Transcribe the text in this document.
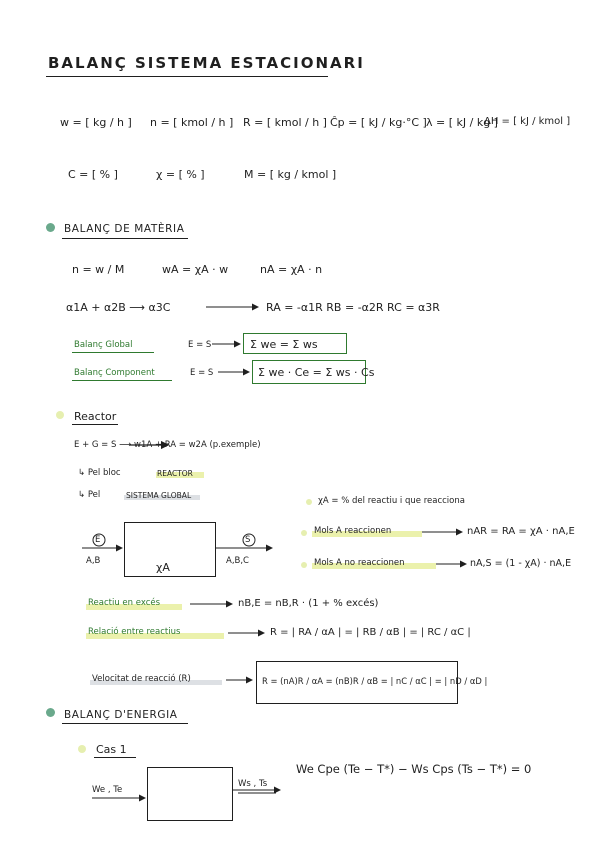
BALANÇ SISTEMA ESTACIONARI
w = [ kg / h ] n = [ kmol / h ] R = [ kmol / h ] Ĉp = [ kJ / kg·°C ] λ = [ kJ / kg ]
ΔH = [ kJ / kmol ]
C = [ % ]	χ = [ % ]	M = [ kg / kmol ]
BALANÇ DE MATÈRIA
n = w / M	wA = χA · w	nA = χA · n
α1A + α2B ⟶ α3C	RA = -α1R RB = -α2R RC = α3R
Balanç Global	E = S	Σ we = Σ ws
Balanç Component	E = S	Σ we · Ce = Σ ws · Cs
Reactor
E + G = S ⟶ w1A + RA = w2A (p.exemple)
↳ Pel bloc	REACTOR
↳ Pel	SISTEMA GLOBAL
χA = % del reactiu i que reacciona
Mols A reaccionen	nAR = RA = χA · nA,E
Mols A no reaccionen	nA,S = (1 - χA) · nA,E
χA
E	S
A,B	A,B,C
Reactiu en excés	nB,E = nB,R · (1 + % excés)
Relació entre reactius	R = | RA / αA | = | RB / αB | = | RC / αC |
Velocitat de reacció (R)	R = (nA)R / αA = (nB)R / αB = | nC / αC | = | nD / αD |
BALANÇ D'ENERGIA
Cas 1
We , Te
Ws , Ts
We Cpe (Te − T*) − Ws Cps (Ts − T*) = 0
